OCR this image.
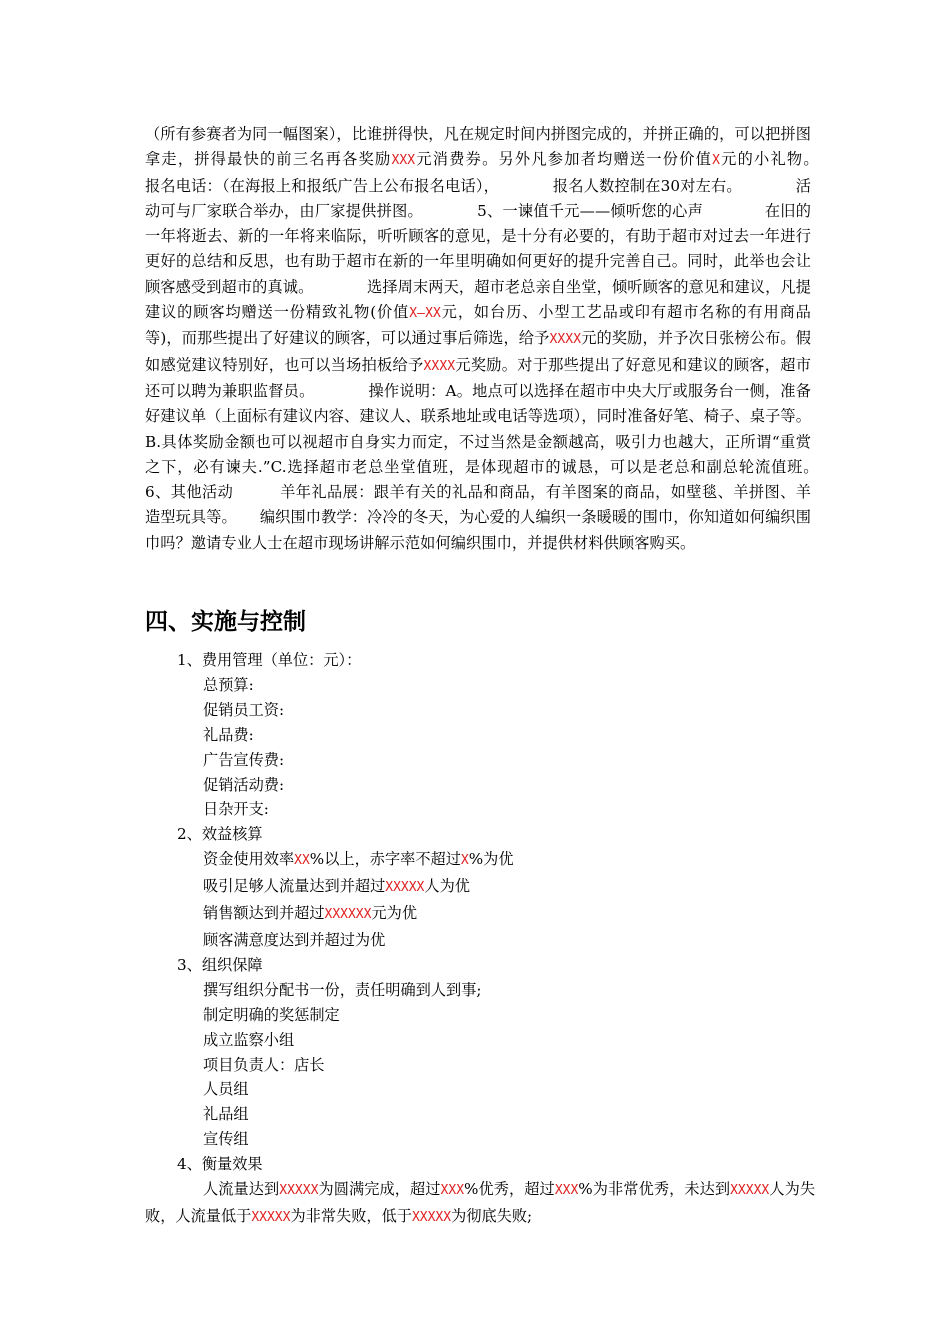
（所有参赛者为同一幅图案），比谁拼得快，凡在规定时间内拼图完成的，并拼正确的，可以把拼图拿走，拼得最快的前三名再各奖励XXX元消费券。另外凡参加者均赠送一份价值X元的小礼物。　　　　报名电话：（在海报上和报纸广告上公布报名电话），　　　　报名人数控制在30对左右。　　　　活动可与厂家联合举办，由厂家提供拼图。　　　　5、一谏值千元——倾听您的心声　　　　在旧的一年将逝去、新的一年将来临际，听听顾客的意见，是十分有必要的，有助于超市对过去一年进行更好的总结和反思，也有助于超市在新的一年里明确如何更好的提升完善自己。同时，此举也会让顾客感受到超市的真诚。　　　　选择周末两天，超市老总亲自坐堂，倾听顾客的意见和建议，凡提建议的顾客均赠送一份精致礼物(价值X—XX元，如台历、小型工艺品或印有超市名称的有用商品等)，而那些提出了好建议的顾客，可以通过事后筛选，给予XXXX元的奖励，并予次日张榜公布。假如感觉建议特别好，也可以当场拍板给予XXXX元奖励。对于那些提出了好意见和建议的顾客，超市还可以聘为兼职监督员。　　　　操作说明：A。地点可以选择在超市中央大厅或服务台一侧，准备好建议单（上面标有建议内容、建议人、联系地址或电话等选项），同时准备好笔、椅子、桌子等。B.具体奖励金额也可以视超市自身实力而定，不过当然是金额越高，吸引力也越大，正所谓“重赏之下，必有谏夫.”C.选择超市老总坐堂值班，是体现超市的诚恳，可以是老总和副总轮流值班。　　　　6、其他活动　　　羊年礼品展：跟羊有关的礼品和商品，有羊图案的商品，如壁毯、羊拼图、羊造型玩具等。　　编织围巾教学：冷冷的冬天，为心爱的人编织一条暖暖的围巾，你知道如何编织围巾吗？邀请专业人士在超市现场讲解示范如何编织围巾，并提供材料供顾客购买。

四、实施与控制
1、费用管理（单位：元）：
总预算:
促销员工资:
礼品费:
广告宣传费:
促销活动费:
日杂开支:
2、效益核算
资金使用效率XX%以上，赤字率不超过X%为优
吸引足够人流量达到并超过XXXXX人为优
销售额达到并超过XXXXXX元为优
顾客满意度达到并超过为优
3、组织保障
撰写组织分配书一份，责任明确到人到事;
制定明确的奖惩制定
成立监察小组
项目负责人：店长
人员组
礼品组
宣传组
4、衡量效果

人流量达到XXXXX为圆满完成，超过XXX%优秀，超过XXX%为非常优秀，未达到XXXXX人为失败，人流量低于XXXXX为非常失败，低于XXXXX为彻底失败;
